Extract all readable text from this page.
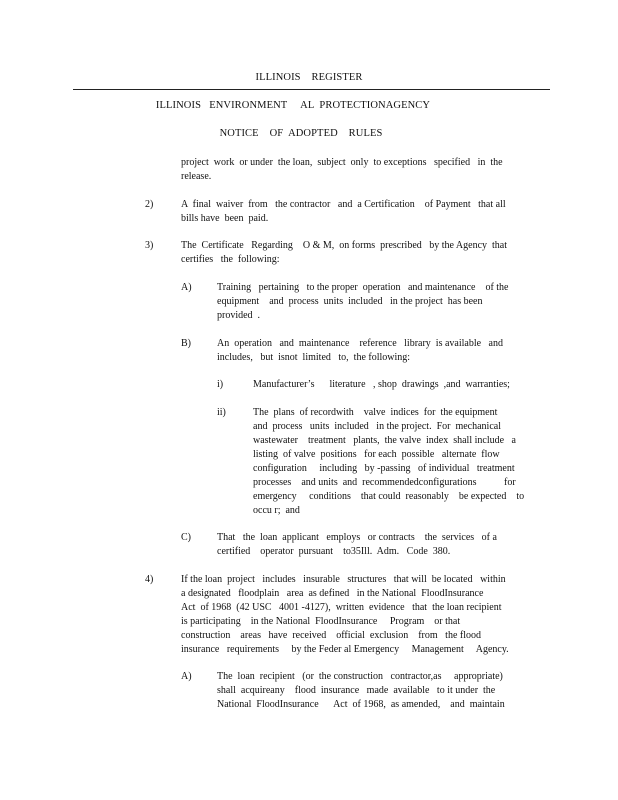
ILLINOIS    REGISTER
ILLINOIS   ENVIRONMENT     AL  PROTECTIONAGENCY
NOTICE    OF  ADOPTED    RULES
project  work  or under  the loan,  subject  only  to exceptions   specified   in  the
release.
2)	A  final  waiver  from   the contractor   and  a Certification    of Payment   that all
bills have  been  paid.
3)	The  Certificate   Regarding    O & M,  on forms  prescribed   by the Agency  that
certifies   the  following:
A)	Training   pertaining   to the proper  operation   and maintenance    of the
equipment    and  process  units  included   in the project  has been
provided  .
B)	An  operation   and  maintenance    reference   library  is available   and
includes,   but  isnot  limited   to,  the following:
i)	Manufacturer’s      literature   , shop  drawings  ,and  warranties;
ii)	The  plans  of recordwith    valve  indices  for  the equipment
and  process   units  included   in the project.  For  mechanical
wastewater    treatment   plants,  the valve  index  shall include   a
listing  of valve  positions   for each  possible   alternate  flow
configuration     including   by -passing   of individual   treatment
processes    and units  and  recommendedconfigurations           for
emergency     conditions    that could  reasonably    be expected    to
occu r;  and
C)	That   the  loan  applicant   employs   or contracts    the  services   of a
certified    operator  pursuant    to35Ill.  Adm.   Code  380.
4)	If the loan  project   includes   insurable   structures   that will  be located   within
a designated   floodplain   area  as defined   in the National  FloodInsurance
Act  of 1968  (42 USC   4001 -4127),  written  evidence   that  the loan recipient
is participating    in the National  FloodInsurance     Program    or that
construction    areas   have  received    official  exclusion    from   the flood
insurance   requirements     by the Feder al Emergency     Management     Agency.
A)	The  loan  recipient   (or  the construction   contractor,as     appropriate)
shall  acquireany    flood  insurance   made  available   to it under  the
National  FloodInsurance      Act  of 1968,  as amended,    and  maintain
